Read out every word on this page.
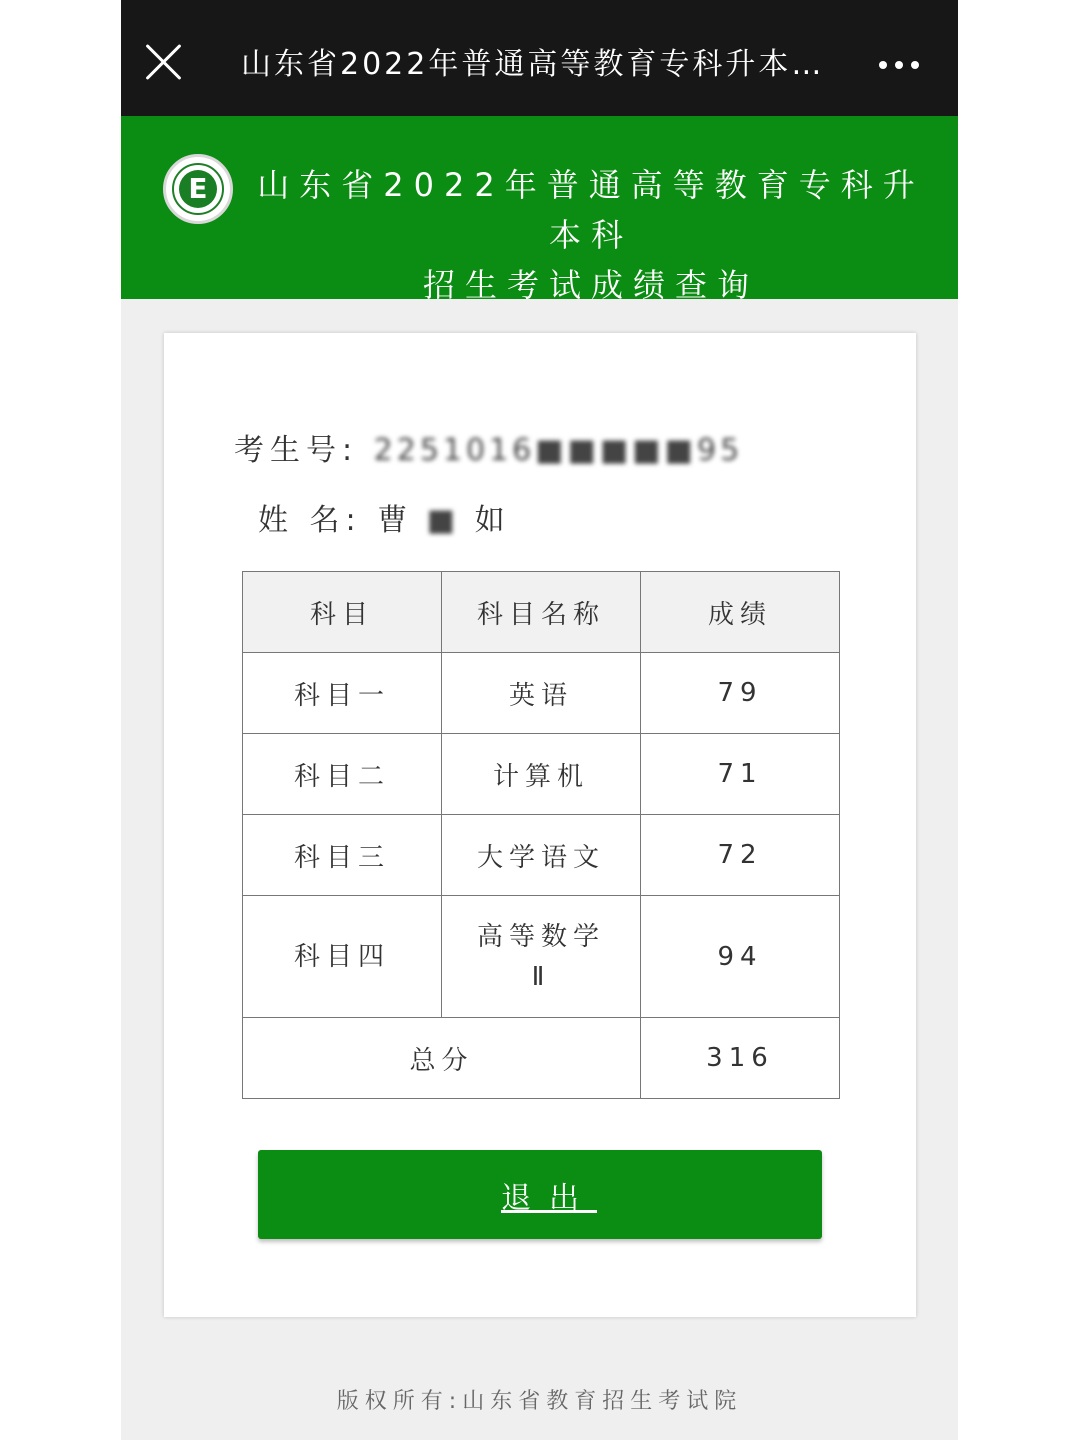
山东省2022年普通高等教育专科升本…
E 山东省2022年普通高等教育专科升本科
招生考试成绩查询
考生号: 2251016■■■■■95
姓 名: 曹 ■ 如
科目	科目名称	成绩
科目一	英语	79
科目二	计算机	71
科目三	大学语文	72
科目四	高等数学Ⅱ	94
总分		316
退出
版权所有:山东省教育招生考试院
